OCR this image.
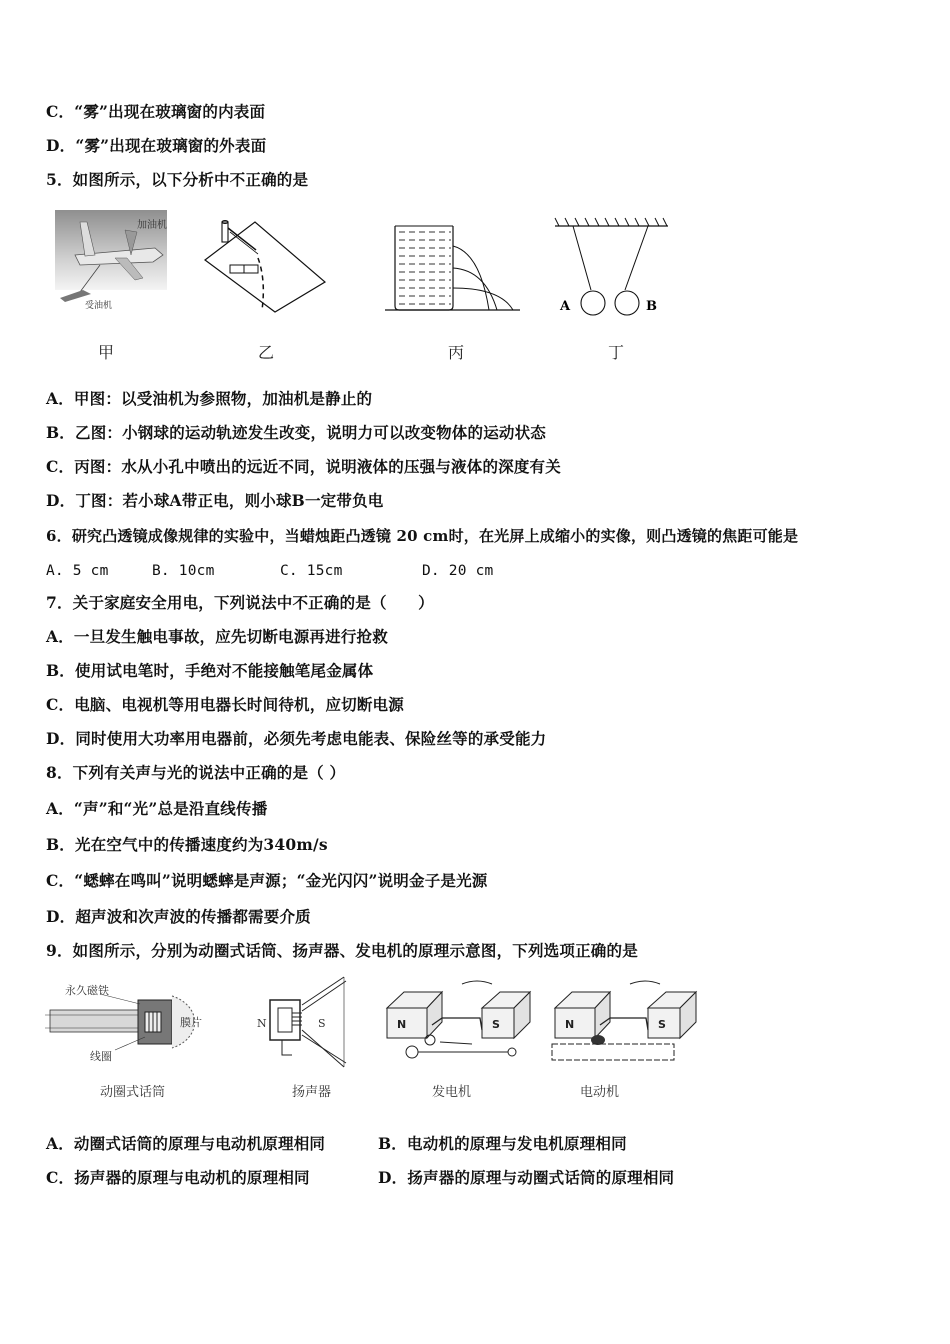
C．“雾”出现在玻璃窗的内表面
D．“雾”出现在玻璃窗的外表面
5．如图所示，以下分析中不正确的是
加油机
受油机	A	B
甲	乙	丙	丁
A．甲图：以受油机为参照物，加油机是静止的
B．乙图：小钢球的运动轨迹发生改变，说明力可以改变物体的运动状态
C．丙图：水从小孔中喷出的远近不同，说明液体的压强与液体的深度有关
D．丁图：若小球A带正电，则小球B一定带负电
6．研究凸透镜成像规律的实验中，当蜡烛距凸透镜 20 cm时，在光屏上成缩小的实像，则凸透镜的焦距可能是
A. 5 cm	B. 10cm	C. 15cm	D. 20 cm
7．关于家庭安全用电，下列说法中不正确的是（　　）
A．一旦发生触电事故，应先切断电源再进行抢救
B．使用试电笔时，手绝对不能接触笔尾金属体
C．电脑、电视机等用电器长时间待机，应切断电源
D．同时使用大功率用电器前，必须先考虑电能表、保险丝等的承受能力
8．下列有关声与光的说法中正确的是（ ）
A．“声”和“光”总是沿直线传播
B．光在空气中的传播速度约为340m/s
C．“蟋蟀在鸣叫”说明蟋蟀是声源；“金光闪闪”说明金子是光源
D．超声波和次声波的传播都需要介质
9．如图所示，分别为动圈式话筒、扬声器、发电机的原理示意图，下列选项正确的是
永久磁铁
膜片
线圈
N	S	N	S	N	S
动圈式话筒	扬声器	发电机	电动机
A．动圈式话筒的原理与电动机原理相同	B．电动机的原理与发电机原理相同
C．扬声器的原理与电动机的原理相同	D．扬声器的原理与动圈式话筒的原理相同
